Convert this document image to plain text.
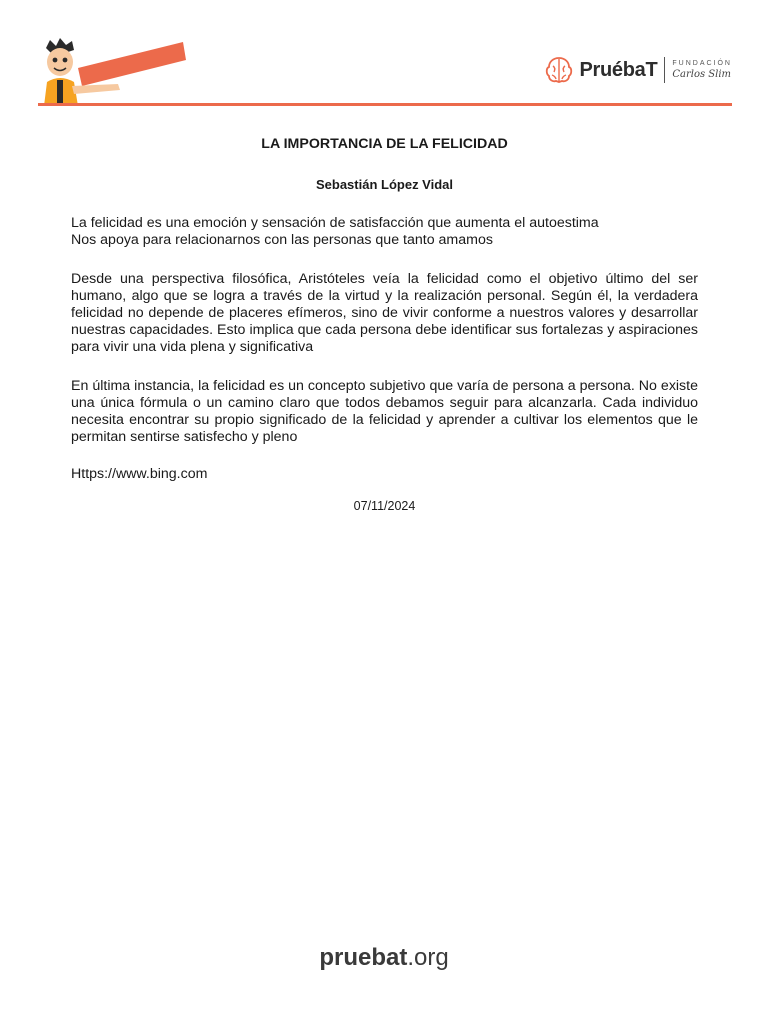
TODA HISTORIA TIENE UNA FORMA
PruébaT FUNDACIÓN
Carlos Slim

LA IMPORTANCIA DE LA FELICIDAD

Sebastián López Vidal

La felicidad es una emoción y sensación de satisfacción que aumenta el autoestima
Nos apoya para relacionarnos con las personas que tanto amamos

Desde una perspectiva filosófica, Aristóteles veía la felicidad como el objetivo último del ser humano, algo que se logra a través de la virtud y la realización personal. Según él, la verdadera felicidad no depende de placeres efímeros, sino de vivir conforme a nuestros valores y desarrollar nuestras capacidades. Esto implica que cada persona debe identificar sus fortalezas y aspiraciones para vivir una vida plena y significativa

En última instancia, la felicidad es un concepto subjetivo que varía de persona a persona. No existe una única fórmula o un camino claro que todos debamos seguir para alcanzarla. Cada individuo necesita encontrar su propio significado de la felicidad y aprender a cultivar los elementos que le permitan sentirse satisfecho y pleno

Https://www.bing.com

07/11/2024

pruebat.org
